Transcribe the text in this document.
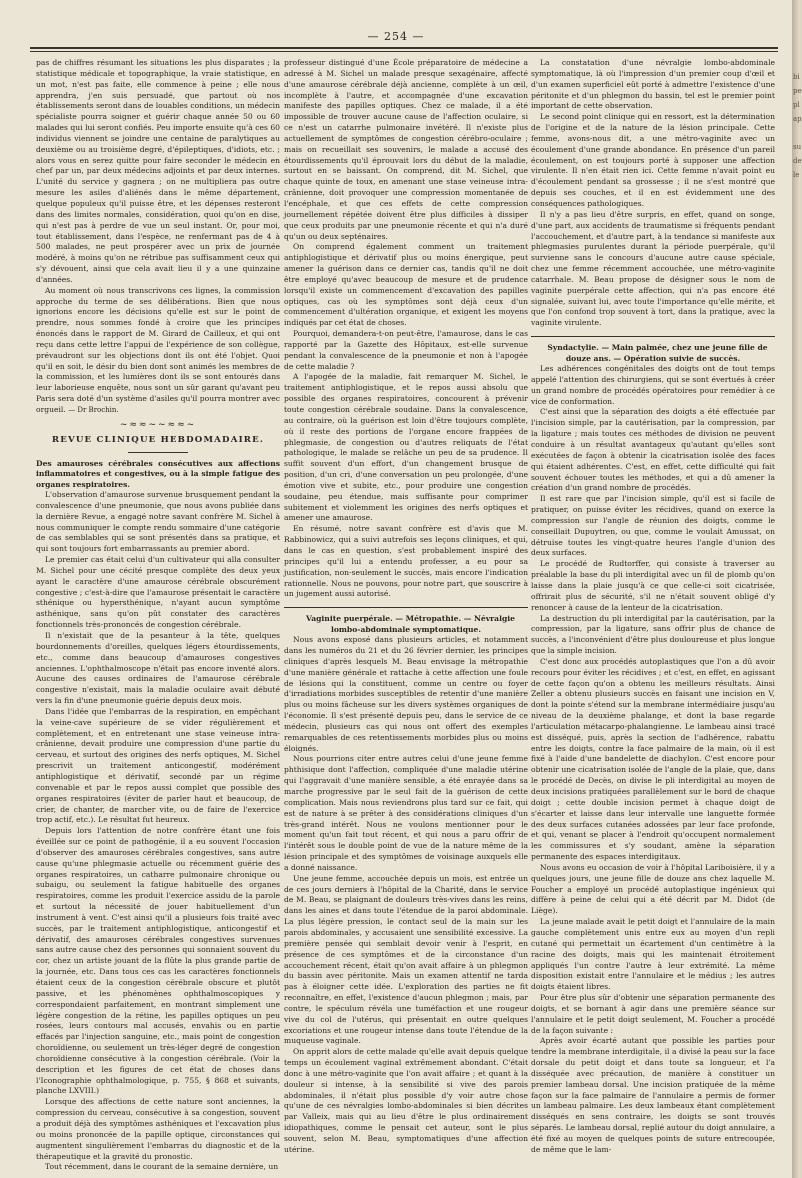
— 254 —

pas de chiffres résumant les situations les plus disparates ; la statistique médicale et topographique, la vraie statistique, en un mot, n'est pas faite, elle commence à peine ; elle nous apprendra, j'en suis persuadé, que partout où nos établissements seront dans de louables conditions, un médecin spécialiste pourra soigner et guérir chaque année 50 ou 60 malades qui lui seront confiés. Peu importe ensuite qu'à ces 60 individus viennent se joindre une centaine de paralytiques au deuxième ou au troisième degré, d'épileptiques, d'idiots, etc. ; alors vous en serez quitte pour faire seconder le médecin en chef par un, par deux médecins adjoints et par deux internes. L'unité du service y gagnera ; on ne multipliera pas outre mesure les asiles d'aliénés dans le même département, quelque populeux qu'il puisse être, et les dépenses resteront dans des limites normales, considération, quoi qu'on en dise, qui n'est pas à perdre de vue un seul instant. Or, pour moi, tout établissement, dans l'espèce, ne renfermant pas de 4 à 500 malades, ne peut prospérer avec un prix de journée modéré, à moins qu'on ne rétribue pas suffisamment ceux qui s'y dévouent, ainsi que cela avait lieu il y a une quinzaine d'années.

Au moment où nous transcrivons ces lignes, la commission approche du terme de ses délibérations. Bien que nous ignorions encore les décisions qu'elle est sur le point de prendre, nous sommes fondé à croire que les principes énoncés dans le rapport de M. Girard de Cailleux, et qui ont reçu dans cette lettre l'appui de l'expérience de son collègue, prévaudront sur les objections dont ils ont été l'objet. Quoi qu'il en soit, le désir du bien dont sont animés les membres de la commission, et les lumières dont ils se sont entourés dans leur laborieuse enquête, nous sont un sûr garant qu'avant peu Paris sera doté d'un système d'asiles qu'il pourra montrer avec orgueil. — Dr Brochin.

~≈≈~~≈≈~
REVUE CLINIQUE HEBDOMADAIRE.

Des amauroses cérébrales consécutives aux affections inflammatoires et congestives, ou à la simple fatigue des organes respiratoires.

L'observation d'amaurose survenue brusquement pendant la convalescence d'une pneumonie, que nous avons publiée dans la dernière Revue, a engagé notre savant confrère M. Sichel à nous communiquer le compte rendu sommaire d'une catégorie de cas semblables qui se sont présentés dans sa pratique, et qui sont toujours fort embarrassants au premier abord.

Le premier cas était celui d'un cultivateur qui alla consulter M. Sichel pour une cécité presque complète des deux yeux ayant le caractère d'une amaurose cérébrale obscurément congestive ; c'est-à-dire que l'amaurose présentait le caractère sthénique ou hypersthénique, n'ayant aucun symptôme asthénique, sans qu'on pût constater des caractères fonctionnels très-prononcés de congestion cérébrale.

Il n'existait que de la pesanteur à la tête, quelques bourdonnements d'oreilles, quelques légers étourdissements, etc., comme dans beaucoup d'amauroses congestives anciennes. L'ophthalmoscope n'était pas encore inventé alors. Aucune des causes ordinaires de l'amaurose cérébrale congestive n'existait, mais la maladie oculaire avait débuté vers la fin d'une pneumonie guérie depuis deux mois.

Dans l'idée que l'embarras de la respiration, en empêchant la veine-cave supérieure de se vider régulièrement et complètement, et en entretenant une stase veineuse intra-crânienne, devait produire une compression d'une partie du cerveau, et surtout des origines des nerfs optiques, M. Sichel prescrivit un traitement anticongestif, modérément antiphlogistique et dérivatif, secondé par un régime convenable et par le repos aussi complet que possible des organes respiratoires (éviter de parler haut et beaucoup, de crier, de chanter, de marcher vite, ou de faire de l'exercice trop actif, etc.). Le résultat fut heureux.

Depuis lors l'attention de notre confrère étant une fois éveillée sur ce point de pathogénie, il a eu souvent l'occasion d'observer des amauroses cérébrales congestives, sans autre cause qu'une phlegmasie actuelle ou récemment guérie des organes respiratoires, un catharre pulmonaire chronique ou subaigu, ou seulement la fatigue habituelle des organes respiratoires, comme les produit l'exercice assidu de la parole et surtout la nécessité de jouer habituellement d'un instrument à vent. C'est ainsi qu'il a plusieurs fois traité avec succès, par le traitement antiphlogistique, anticongestif et dérivatif, des amauroses cérébrales congestives survenues sans autre cause chez des personnes qui sonnaient souvent du cor, chez un artiste jouant de la flûte la plus grande partie de la journée, etc. Dans tous ces cas les caractères fonctionnels étaient ceux de la congestion cérébrale obscure et plutôt passive, et les phénomènes ophthalmoscopiques y correspondaient parfaitement, en montrant simplement une légère congestion de la rétine, les papilles optiques un peu rosées, leurs contours mal accusés, envahis ou en partie effacés par l'injection sanguine, etc., mais point de congestion choroïdienne, ou seulement un très-léger degré de congestion choroïdienne consécutive à la congestion cérébrale. (Voir la description et les figures de cet état de choses dans l'Iconographie ophthalmologique, p. 755, § 868 et suivants, planche LXVIII.)

Lorsque des affections de cette nature sont anciennes, la compression du cerveau, consécutive à sa congestion, souvent a produit déjà des symptômes asthéniques et l'excavation plus ou moins prononcée de la papille optique, circonstances qui augmentent singulièrement l'embarras du diagnostic et de la thérapeutique et la gravité du pronostic.

Tout récemment, dans le courant de la semaine dernière, un

professeur distingué d'une École préparatoire de médecine a adressé à M. Sichel un malade presque sexagénaire, affecté d'une amaurose cérébrale déjà ancienne, complète à un œil, incomplète à l'autre, et accompagnée d'une excavation manifeste des papilles optiques. Chez ce malade, il a été impossible de trouver aucune cause de l'affection oculaire, si ce n'est un catarrhe pulmonaire invétéré. Il n'existe plus actuellement de symptômes de congestion cérébro-oculaire ; mais on recueillait ses souvenirs, le malade a accusé des étourdissements qu'il éprouvait lors du début de la maladie, surtout en se baissant. On comprend, dit M. Sichel, que chaque quinte de toux, en amenant une stase veineuse intra-crânienne, doit provoquer une compression momentanée de l'encéphale, et que ces effets de cette compression journellement répétée doivent être plus difficiles à dissiper que ceux produits par une pneumonie récente et qui n'a duré qu'un ou deux septénaires.

On comprend également comment un traitement antiphlogistique et dérivatif plus ou moins énergique, peut amener la guérison dans ce dernier cas, tandis qu'il ne doit être employé qu'avec beaucoup de mesure et de prudence lorsqu'il existe un commencement d'excavation des papilles optiques, cas où les symptômes sont déjà ceux d'un commencement d'ultération organique, et exigent les moyens indiqués par cet état de choses.

Pourquoi, demandera-t-on peut-être, l'amaurose, dans le cas rapporté par la Gazette des Hôpitaux, est-elle survenue pendant la convalescence de la pneumonie et non à l'apogée de cette maladie ?

A l'apogée de la maladie, fait remarquer M. Sichel, le traitement antiphlogistique, et le repos aussi absolu que possible des organes respiratoires, concourent à prévenir toute congestion cérébrale soudaine. Dans la convalescence, au contraire, où la guérison est loin d'être toujours complète, où il reste des portions de l'organe encore frappées de phlegmasie, de congestion ou d'autres reliquats de l'état pathologique, le malade se relâche un peu de sa prudence. Il suffit souvent d'un effort, d'un changement brusque de position, d'un cri, d'une conversation un peu prolongée, d'une émotion vive et subite, etc., pour produire une congestion soudaine, peu étendue, mais suffisante pour comprimer subitement et violemment les origines des nerfs optiques et amener une amaurose.

En résumé, notre savant confrère est d'avis que M. Rabbinowicz, qui a suivi autrefois ses leçons cliniques, et qui, dans le cas en question, s'est probablement inspiré des principes qu'il lui a entendu professer, a eu pour sa justification, non-seulement le succès, mais encore l'indication rationnelle. Nous ne pouvons, pour notre part, que souscrire à un jugement aussi autorisé.

Vaginite puerpérale. — Métropathie. — Névralgie lombo-abdominale symptomatique.

Nous avons exposé dans plusieurs articles, et notamment dans les numéros du 21 et du 26 février dernier, les principes cliniques d'après lesquels M. Beau envisage la métropathie d'une manière générale et rattache à cette affection une foule de lésions qui la constituent, comme un centre ou foyer d'irradiations morbides susceptibles de retentir d'une manière plus ou moins fâcheuse sur les divers systèmes organiques de l'économie. Il s'est présenté depuis peu, dans le service de ce médecin, plusieurs cas qui nous ont offert des exemples remarquables de ces retentissements morbides plus ou moins éloignés.

Nous pourrions citer entre autres celui d'une jeune femme phthisique dont l'affection, compliquée d'une maladie utérine qui l'aggravait d'une manière sensible, a été enrayée dans sa marche progressive par le seul fait de la guérison de cette complication. Mais nous reviendrons plus tard sur ce fait, qui est de nature à se prêter à des considérations cliniques d'un très-grand intérêt. Nous ne voulons mentionner pour le moment qu'un fait tout récent, et qui nous a paru offrir de l'intérêt sous le double point de vue de la nature même de la lésion principale et des symptômes de voisinage auxquels elle a donné naissance.

Une jeune femme, accouchée depuis un mois, est entrée un de ces jours derniers à l'hôpital de la Charité, dans le service de M. Beau, se plaignant de douleurs très-vives dans les reins, dans les aines et dans toute l'étendue de la paroi abdominale. La plus légère pression, le contact seul de la main sur les parois abdominales, y accusaient une sensibilité excessive. La première pensée qui semblait devoir venir à l'esprit, en présence de ces symptômes et de la circonstance d'un accouchement récent, était qu'on avait affaire à un phlegmon du bassin avec péritonite. Mais un examen attentif ne tarda pas à éloigner cette idée. L'exploration des parties ne fit reconnaître, en effet, l'existence d'aucun phlegmon ; mais, par contre, le spéculum révéla une tuméfaction et une rougeur vive du col de l'utérus, qui présentait en outre quelques excoriations et une rougeur intense dans toute l'étendue de la muqueuse vaginale.

On apprit alors de cette malade qu'elle avait depuis quelque temps un écoulement vaginal extrêmement abondant. C'était donc à une métro-vaginite que l'on avait affaire ; et quant à la douleur si intense, à la sensibilité si vive des parois abdominales, il n'était plus possible d'y voir autre chose qu'une de ces névralgies lombo-abdominales si bien décrites par Valleix, mais qui au lieu d'être le plus ordinairement idiopathiques, comme le pensait cet auteur, sont le plus souvent, selon M. Beau, symptomatiques d'une affection utérine.

La constatation d'une névralgie lombo-abdominale symptomatique, là où l'impression d'un premier coup d'œil et d'un examen superficiel eût porté à admettre l'existence d'une péritonite et d'un phlegmon du bassin, tel est le premier point important de cette observation.

Le second point clinique qui en ressort, est la détermination de l'origine et de la nature de la lésion principale. Cette femme, avons-nous dit, a une métro-vaginite avec un écoulement d'une grande abondance. En présence d'un pareil écoulement, on est toujours porté à supposer une affection virulente. Il n'en était rien ici. Cette femme n'avait point eu d'écoulement pendant sa grossesse ; il ne s'est montré que depuis ses couches, et il en est évidemment une des conséquences pathologiques.

Il n'y a pas lieu d'être surpris, en effet, quand on songe, d'une part, aux accidents de traumatisme si fréquents pendant l'accouchement, et d'autre part, à la tendance si manifeste aux phlegmasies purulentes durant la période puerpérale, qu'il survienne sans le concours d'aucune autre cause spéciale, chez une femme récemment accouchée, une métro-vaginite catarrhale. M. Beau propose de désigner sous le nom de vaginite puerpérale cette affection, qui n'a pas encore été signalée, suivant lui, avec toute l'importance qu'elle mérite, et que l'on confond trop souvent à tort, dans la pratique, avec la vaginite virulente.

Syndactylie. — Main palmée, chez une jeune fille de douze ans. — Opération suivie de succès.

Les adhérences congénitales des doigts ont de tout temps appelé l'attention des chirurgiens, qui se sont évertués à créer un grand nombre de procédés opératoires pour remédier à ce vice de conformation.

C'est ainsi que la séparation des doigts a été effectuée par l'incision simple, par la cautérisation, par la compression, par la ligature ; mais toutes ces méthodes de division ne peuvent conduire à un résultat avantageux qu'autant qu'elles sont exécutées de façon à obtenir la cicatrisation isolée des faces qui étaient adhérentes. C'est, en effet, cette difficulté qui fait souvent échouer toutes les méthodes, et qui a dû amener la création d'un grand nombre de procédés.

Il est rare que par l'incision simple, qu'il est si facile de pratiquer, on puisse éviter les récidives, quand on exerce la compression sur l'angle de réunion des doigts, comme le conseillait Dupuytren, ou que, comme le voulait Amussat, on détruise toutes les vingt-quatre heures l'angle d'union des deux surfaces.

Le procédé de Rudtorffer, qui consiste à traverser au préalable la base du pli interdigital avec un fil de plomb qu'on laisse dans la plaie jusqu'à ce que celle-ci soit cicatrisée, offrirait plus de sécurité, s'il ne n'était souvent obligé d'y renoncer à cause de la lenteur de la cicatrisation.

La destruction du pli interdigital par la cautérisation, par la compression, par la ligature, sans offrir plus de chance de succès, a l'inconvénient d'être plus douloureuse et plus longue que la simple incision.

C'est donc aux procédés autoplastiques que l'on a dû avoir recours pour éviter les récidives ; et c'est, en effet, en agissant de cette façon qu'on a obtenu les meilleurs résultats. Ainsi Zeller a obtenu plusieurs succès en faisant une incision en V, dont la pointe s'étend sur la membrane intermédiaire jusqu'au niveau de la deuxième phalange, et dont la base regarde l'articulation métacarpo-phalangienne. Le lambeau ainsi tracé est disséqué, puis, après la section de l'adhérence, rabattu entre les doigts, contre la face palmaire de la main, où il est fixé à l'aide d'une bandelette de diachylon. C'est encore pour obtenir une cicatrisation isolée de l'angle de la plaie, que, dans le procédé de Decès, on divise le pli interdigital au moyen de deux incisions pratiquées parallèlement sur le bord de chaque doigt ; cette double incision permet à chaque doigt de s'écarter et laisse dans leur intervalle une languette formée des deux surfaces cutanées adossées par leur face profonde, et qui, venant se placer à l'endroit qu'occupent normalement les commissures et s'y soudant, amène la séparation permanente des espaces interdigitaux.

Nous avons eu occasion de voir à l'hôpital Lariboisière, il y a quelques jours, une jeune fille de douze ans chez laquelle M. Foucher a employé un procédé autoplastique ingénieux qui diffère à peine de celui qui a été décrit par M. Didot (de Liège).

La jeune malade avait le petit doigt et l'annulaire de la main gauche complètement unis entre eux au moyen d'un repli cutané qui permettait un écartement d'un centimètre à la racine des doigts, mais qui les maintenait étroitement appliqués l'un contre l'autre à leur extrémité. La même disposition existait entre l'annulaire et le médius ; les autres doigts étaient libres.

Pour être plus sûr d'obtenir une séparation permanente des doigts, et se bornant à agir dans une première séance sur l'annulaire et le petit doigt seulement, M. Foucher a procédé de la façon suivante :

Après avoir écarté autant que possible les parties pour tendre la membrane interdigitale, il a divisé la peau sur la face dorsale du petit doigt et dans toute sa longueur, et l'a disséquée avec précaution, de manière à constituer un premier lambeau dorsal. Une incision pratiquée de la même façon sur la face palmaire de l'annulaire a permis de former un lambeau palmaire. Les deux lambeaux étant complètement disséqués en sens contraire, les doigts se sont trouvés séparés. Le lambeau dorsal, replié autour du doigt annulaire, a été fixé au moyen de quelques points de suture entrecoupée, de même que le lam-

bi
pe
pl
ap

su
de
le
